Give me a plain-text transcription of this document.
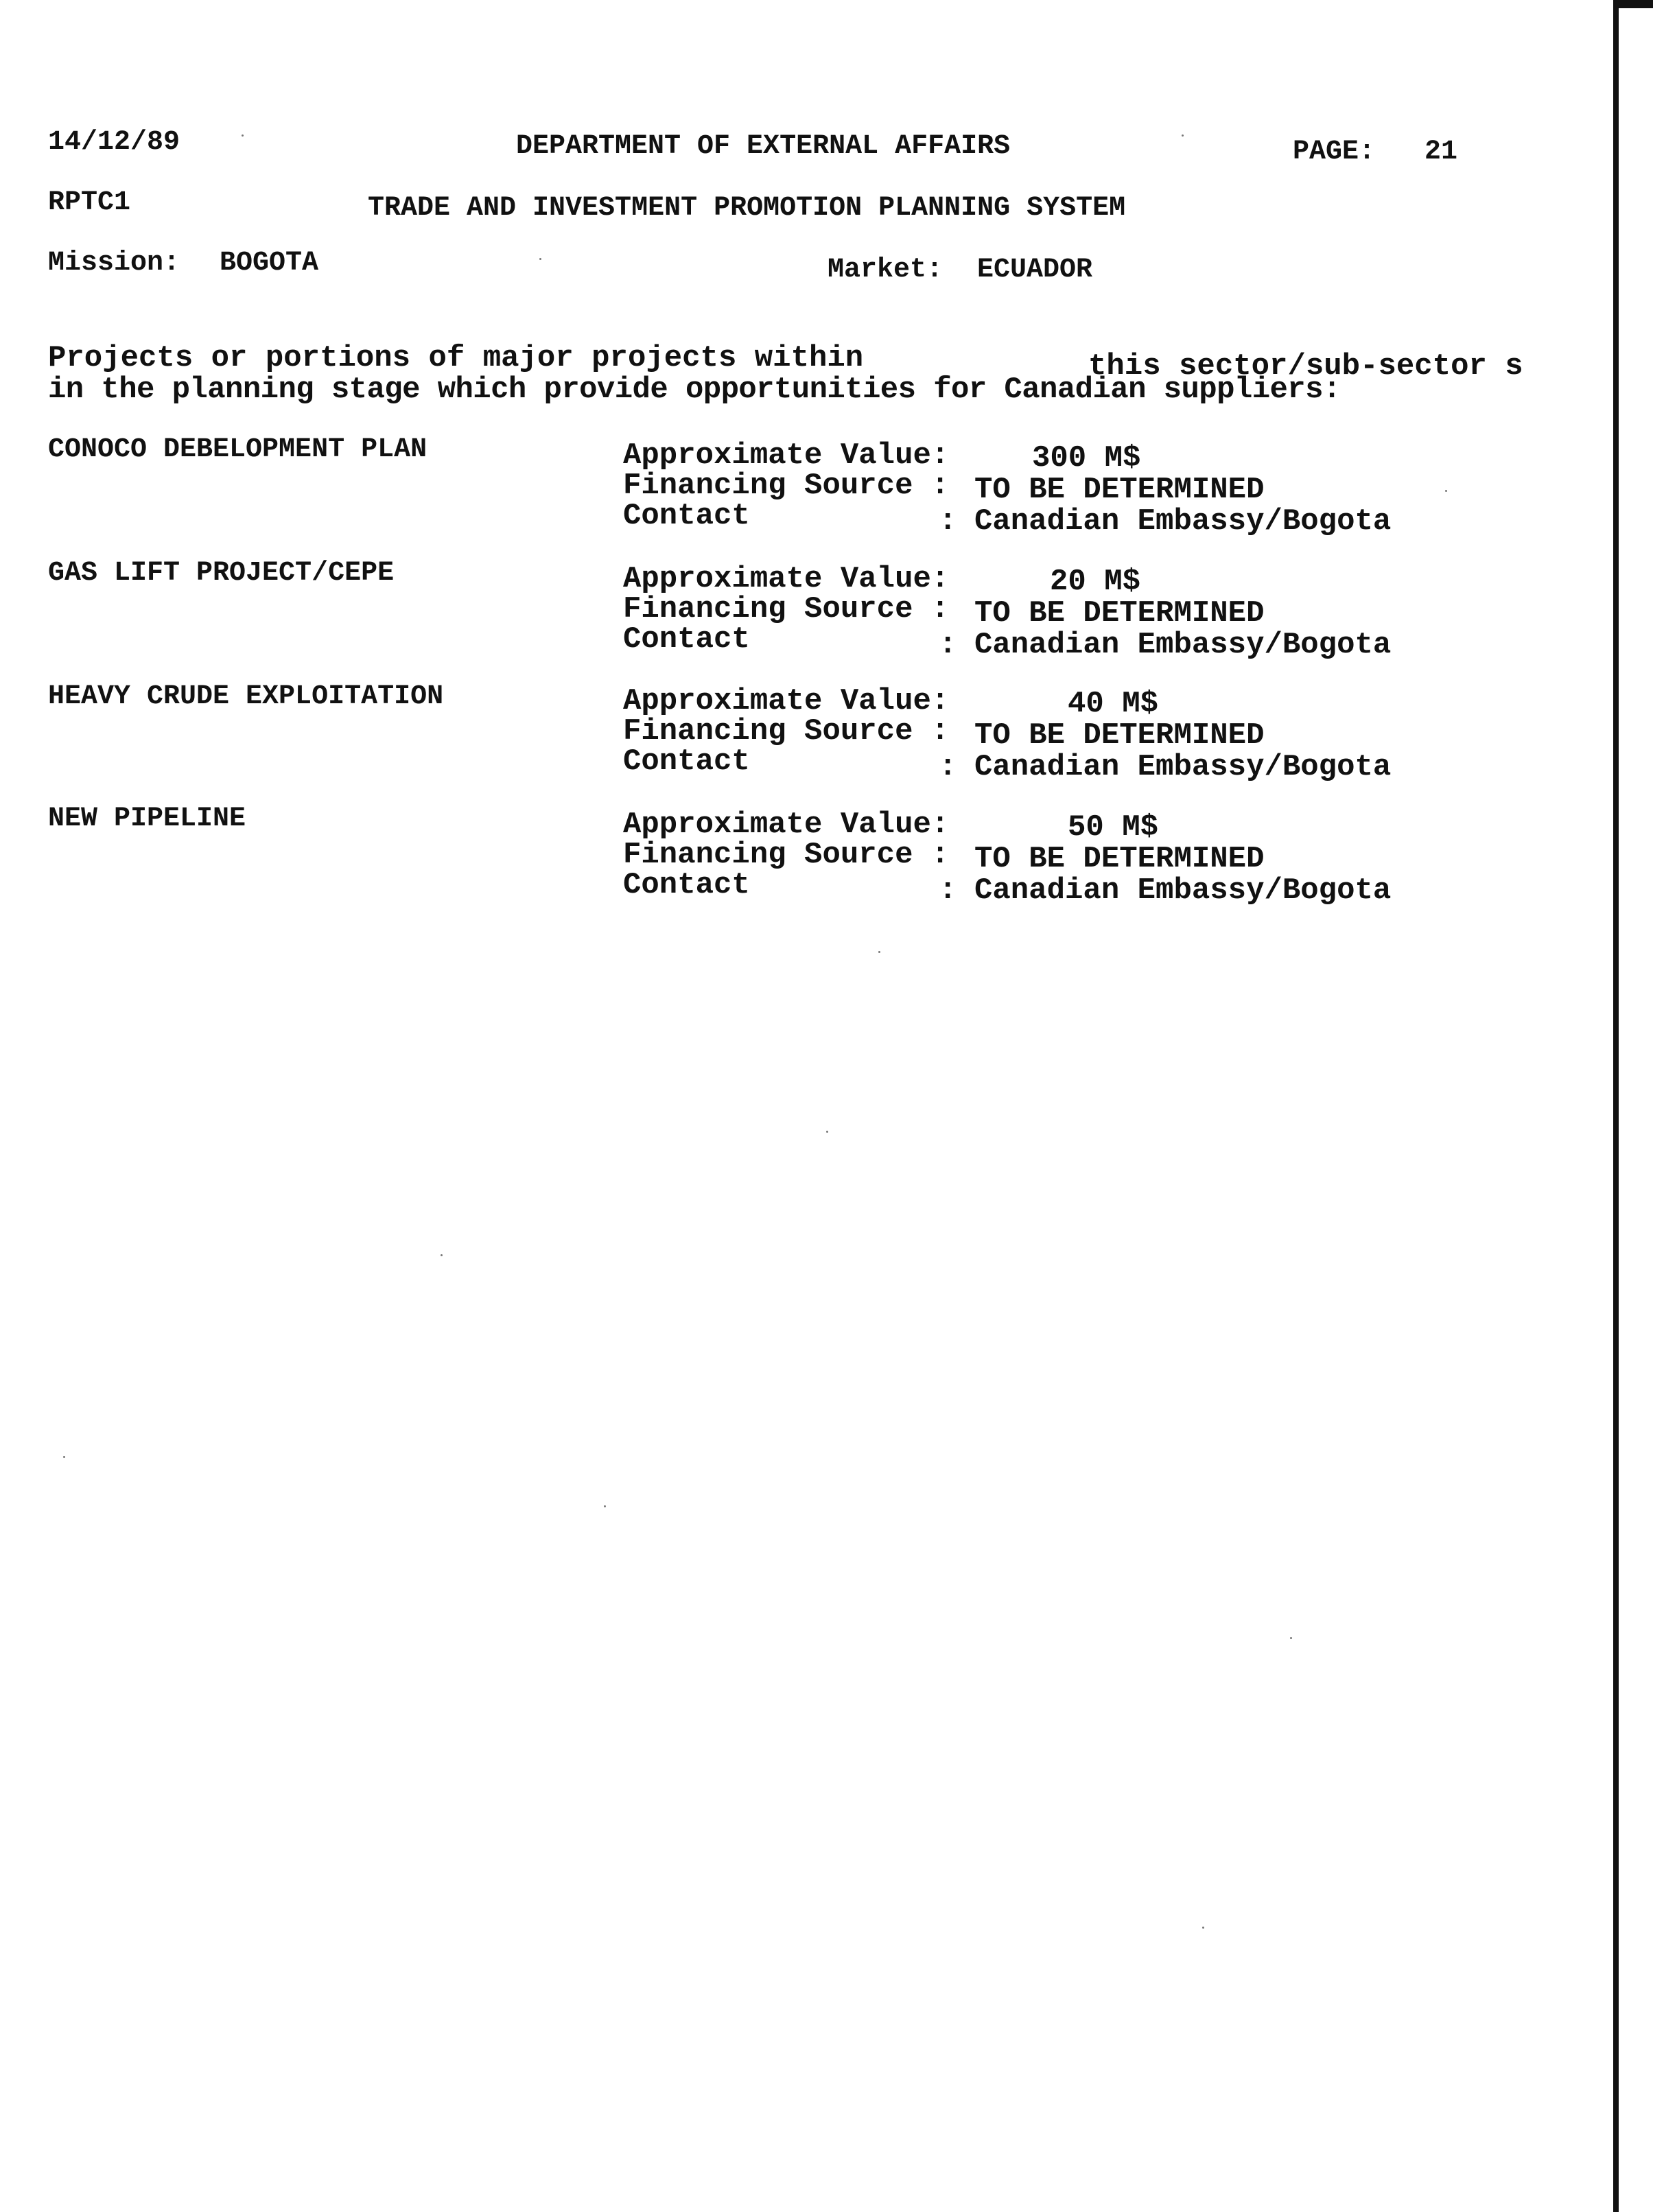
14/12/89	DEPARTMENT OF EXTERNAL AFFAIRS	PAGE: 21
RPTC1	TRADE AND INVESTMENT PROMOTION PLANNING SYSTEM
Mission: BOGOTA	Market: ECUADOR
Projects or portions of major projects within	this sector/sub-sector s
in the planning stage which provide opportunities for Canadian suppliers:
CONOCO DEBELOPMENT PLAN	Approximate Value:	300 M$
Financing Source : TO BE DETERMINED
Contact	: Canadian Embassy/Bogota
GAS LIFT PROJECT/CEPE	Approximate Value:	20 M$
Financing Source : TO BE DETERMINED
Contact	: Canadian Embassy/Bogota
HEAVY CRUDE EXPLOITATION	Approximate Value:	40 M$
Financing Source : TO BE DETERMINED
Contact	: Canadian Embassy/Bogota
NEW PIPELINE	Approximate Value:	50 M$
Financing Source : TO BE DETERMINED
Contact	: Canadian Embassy/Bogota
